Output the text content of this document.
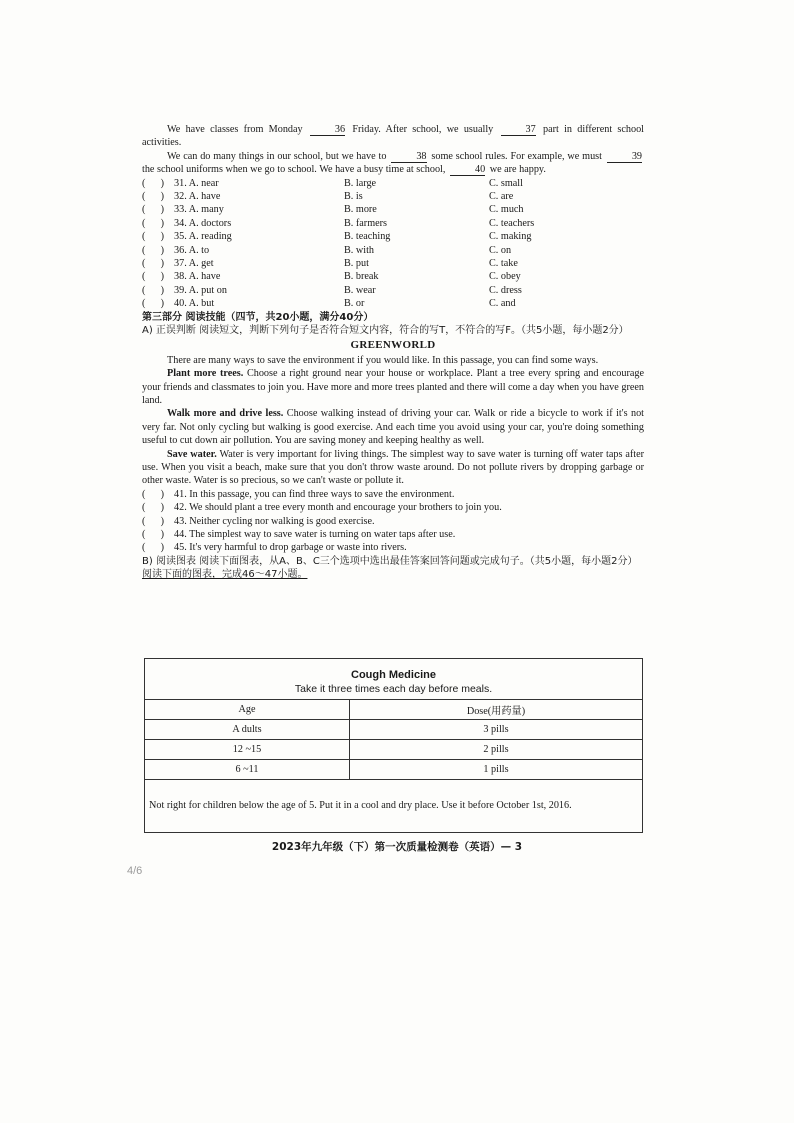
We have classes from Monday	36 Friday. After school, we usually	37 part in different school activities.

We can do many things in our school, but we have to	38 some school rules. For example, we must	39 the school uniforms when we go to school. We have a busy time at school,	40 we are happy.

(      ) 31. A. near	B. large	C. small
(      ) 32. A. have	B. is	C. are
(      ) 33. A. many	B. more	C. much
(      ) 34. A. doctors	B. farmers	C. teachers
(      ) 35. A. reading	B. teaching	C. making
(      ) 36. A. to	B. with	C. on
(      ) 37. A. get	B. put	C. take
(      ) 38. A. have	B. break	C. obey
(      ) 39. A. put on	B. wear	C. dress
(      ) 40. A. but	B. or	C. and

第三部分 阅读技能（四节，共20小题，满分40分）

A) 正误判断 阅读短文，判断下列句子是否符合短文内容，符合的写T，不符合的写F。（共5小题，每小题2分）

GREENWORLD

There are many ways to save the environment if you would like. In this passage, you can find some ways.

Plant more trees. Choose a right ground near your house or workplace. Plant a tree every spring and encourage your friends and classmates to join you. Have more and more trees planted and there will come a day when you have green land.

Walk more and drive less. Choose walking instead of driving your car. Walk or ride a bicycle to work if it's not very far. Not only cycling but walking is good exercise. And each time you avoid using your car, you're doing something useful to cut down air pollution. You are saving money and keeping healthy as well.

Save water. Water is very important for living things. The simplest way to save water is turning off water taps after use. When you visit a beach, make sure that you don't throw waste around. Do not pollute rivers by dropping garbage or other waste. Water is so precious, so we can't waste or pollute it.

(      ) 41. In this passage, you can find three ways to save the environment.
(      ) 42. We should plant a tree every month and encourage your brothers to join you.
(      ) 43. Neither cycling nor walking is good exercise.
(      ) 44. The simplest way to save water is turning on water taps after use.
(      ) 45. It's very harmful to drop garbage or waste into rivers.

B) 阅读图表 阅读下面图表，从A、B、C三个选项中选出最佳答案回答问题或完成句子。（共5小题，每小题2分）

阅读下面的图表，完成46～47小题。

Cough Medicine
Take it three times each day before meals.	

Age	Dose(用药量)
A dults	3 pills
12 ~15	2 pills
6 ~11	1 pills
Not right for children below the age of 5. Put it in a cool and dry place. Use it before October 1st, 2016.	
2023年九年级（下）第一次质量检测卷（英语）— 3
4/6
